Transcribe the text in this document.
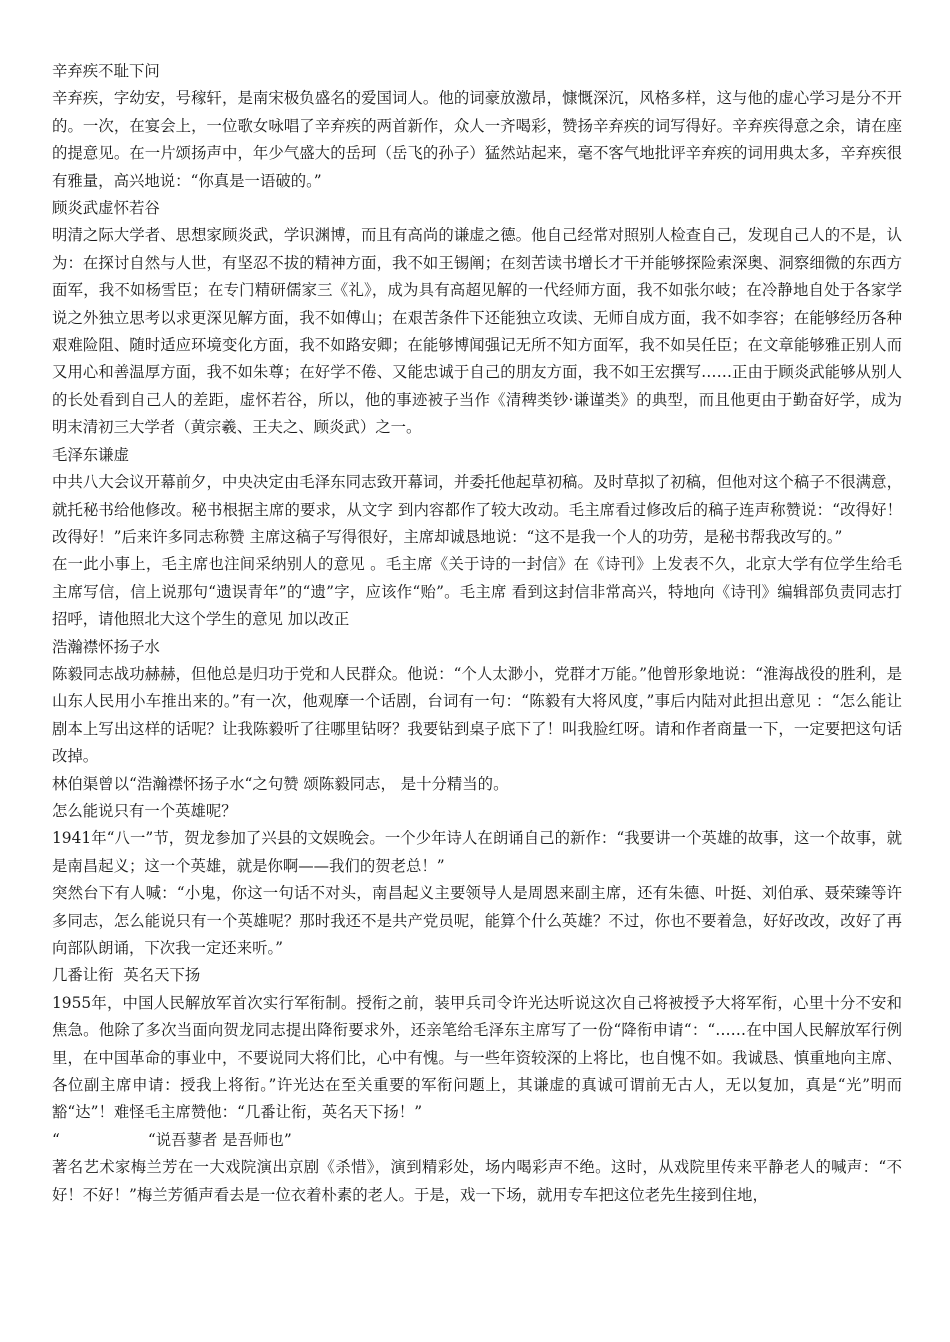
辛弃疾不耻下问

辛弃疾，字幼安，号稼轩，是南宋极负盛名的爱国词人。他的词豪放激昂，慷慨深沉，风格多样，这与他的虚心学习是分不开的。一次，在宴会上，一位歌女咏唱了辛弃疾的两首新作，众人一齐喝彩，赞扬辛弃疾的词写得好。辛弃疾得意之余，请在座的提意见。在一片颂扬声中，年少气盛大的岳珂（岳飞的孙子）猛然站起来，毫不客气地批评辛弃疾的词用典太多，辛弃疾很有雅量，高兴地说：“你真是一语破的。”

顾炎武虚怀若谷

明清之际大学者、思想家顾炎武，学识渊博，而且有高尚的谦虚之德。他自己经常对照别人检查自己，发现自己人的不是，认为：在探讨自然与人世，有坚忍不拔的精神方面，我不如王锡阐；在刻苦读书增长才干并能够探险索深奥、洞察细微的东西方面军，我不如杨雪臣；在专门精研儒家三《礼》，成为具有高超见解的一代经师方面，我不如张尔岐；在冷静地自处于各家学说之外独立思考以求更深见解方面，我不如傅山；在艰苦条件下还能独立攻读、无师自成方面，我不如李容；在能够经历各种艰难险阻、随时适应环境变化方面，我不如路安卿；在能够博闻强记无所不知方面军，我不如吴任臣；在文章能够雅正别人而又用心和善温厚方面，我不如朱尊；在好学不倦、又能忠诚于自己的朋友方面，我不如王宏撰写……正由于顾炎武能够从别人的长处看到自己人的差距，虚怀若谷，所以，他的事迹被子当作《清稗类钞·谦谨类》的典型，而且他更由于勤奋好学，成为明末清初三大学者（黄宗羲、王夫之、顾炎武）之一。

毛泽东谦虚

中共八大会议开幕前夕，中央决定由毛泽东同志致开幕词，并委托他起草初稿。及时草拟了初稿，但他对这个稿子不很满意，就托秘书给他修改。秘书根据主席的要求，从文字 到内容都作了较大改动。毛主席看过修改后的稿子连声称赞说：“改得好！改得好！”后来许多同志称赞 主席这稿子写得很好，主席却诚恳地说：“这不是我一个人的功劳，是秘书帮我改写的。”

在一此小事上，毛主席也注间采纳别人的意见 。毛主席《关于诗的一封信》在《诗刊》上发表不久，北京大学有位学生给毛主席写信，信上说那句“遗误青年”的“遗”字，应该作“贻”。毛主席 看到这封信非常高兴，特地向《诗刊》编辑部负责同志打招呼，请他照北大这个学生的意见 加以改正

浩瀚襟怀扬子水

陈毅同志战功赫赫，但他总是归功于党和人民群众。他说：“个人太渺小，党群才万能。”他曾形象地说：“淮海战役的胜利，是山东人民用小车推出来的。”有一次，他观摩一个话剧，台词有一句：“陈毅有大将风度，”事后内陆对此担出意见 ：“怎么能让剧本上写出这样的话呢？让我陈毅听了往哪里钻呀？我要钻到桌子底下了！叫我脸红呀。请和作者商量一下，一定要把这句话改掉。

林伯渠曾以“浩瀚襟怀扬子水“之句赞 颂陈毅同志， 是十分精当的。

怎么能说只有一个英雄呢？

1941年“八一”节，贺龙参加了兴县的文娱晚会。一个少年诗人在朗诵自己的新作：“我要讲一个英雄的故事，这一个故事，就是南昌起义；这一个英雄，就是你啊——我们的贺老总！”

突然台下有人喊：“小鬼，你这一句话不对头，南昌起义主要领导人是周恩来副主席，还有朱德、叶挺、刘伯承、聂荣臻等许多同志，怎么能说只有一个英雄呢？那时我还不是共产党员呢，能算个什么英雄？不过，你也不要着急，好好改改，改好了再向部队朗诵，下次我一定还来听。”

几番让衔  英名天下扬

1955年，中国人民解放军首次实行军衔制。授衔之前，装甲兵司令许光达听说这次自己将被授予大将军衔，心里十分不安和焦急。他除了多次当面向贺龙同志提出降衔要求外，还亲笔给毛泽东主席写了一份“降衔申请“：“……在中国人民解放军行例里，在中国革命的事业中，不要说同大将们比，心中有愧。与一些年资较深的上将比，也自愧不如。我诚恳、慎重地向主席、各位副主席申请：授我上将衔。”许光达在至关重要的军衔问题上，其谦虚的真诚可谓前无古人，无以复加，真是“光”明而豁“达”！难怪毛主席赞他：“几番让衔，英名天下扬！”

“                  “说吾蓼者 是吾师也”

著名艺术家梅兰芳在一大戏院演出京剧《杀惜》，演到精彩处，场内喝彩声不绝。这时，从戏院里传来平静老人的喊声：“不好！不好！”梅兰芳循声看去是一位衣着朴素的老人。于是，戏一下场，就用专车把这位老先生接到住地，
